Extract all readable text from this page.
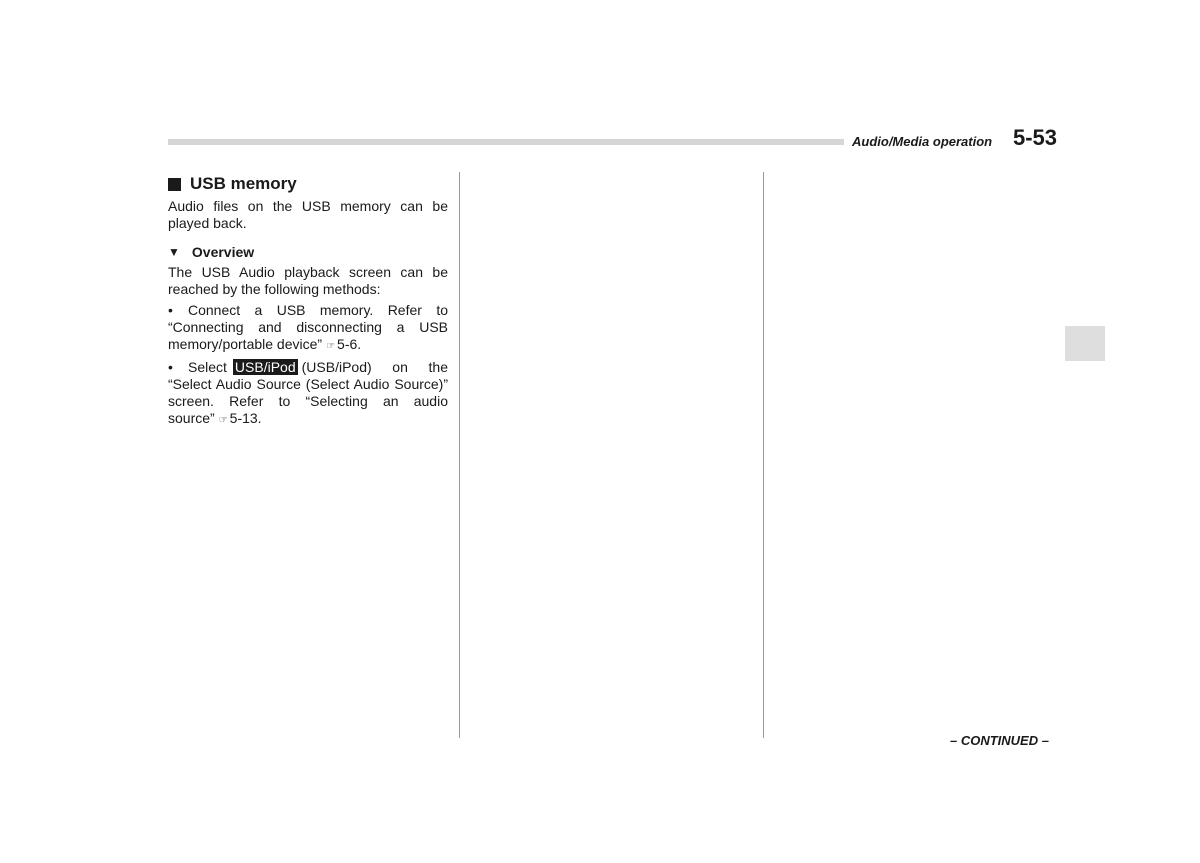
Audio/Media operation 5-53
USB memory

Audio files on the USB memory can be played back.

▼ Overview

The USB Audio playback screen can be reached by the following methods:

• Connect a USB memory. Refer to “Connecting and disconnecting a USB memory/portable device” ☞ 5-6.

• Select USB/iPod (USB/iPod) on the “Select Audio Source (Select Audio Source)” screen. Refer to “Selecting an audio source” ☞ 5-13.

– CONTINUED –
